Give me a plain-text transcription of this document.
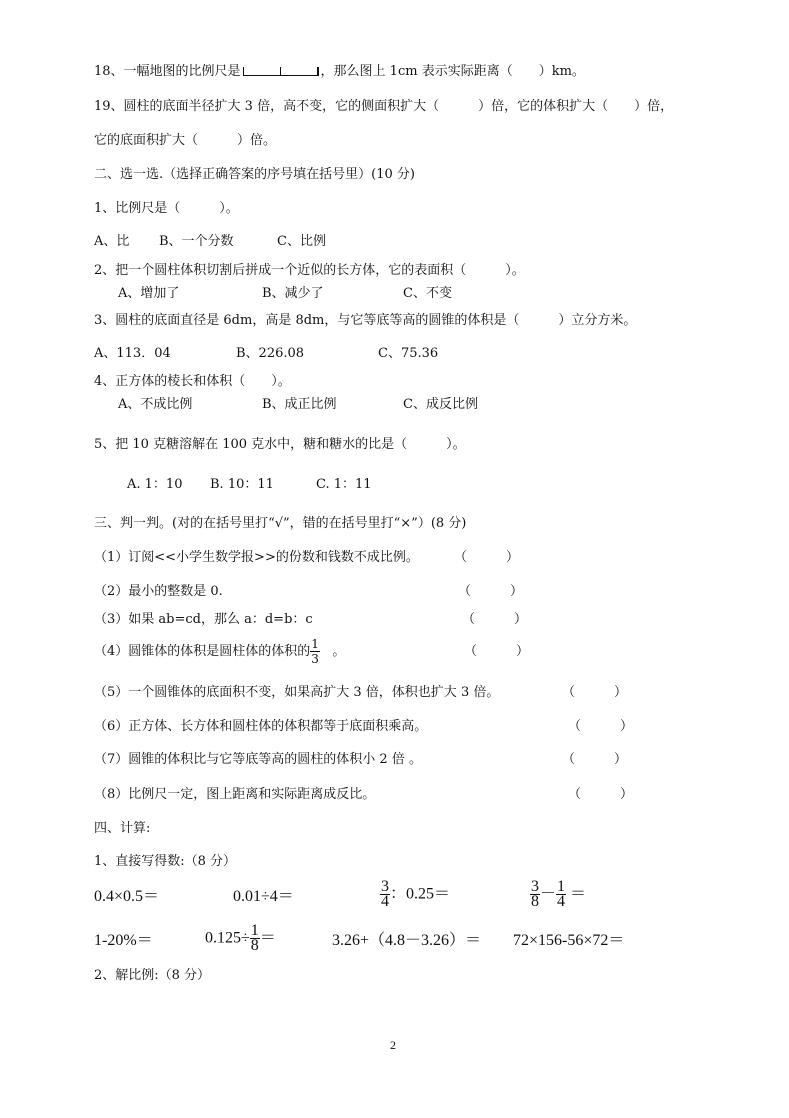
18、一幅地图的比例尺是	，那么图上 1cm 表示实际距离（　　）km。
19、圆柱的底面半径扩大 3 倍，高不变，它的侧面积扩大（　　　）倍，它的体积扩大（　　）倍，
它的底面积扩大（　　　）倍。
二、选一选.（选择正确答案的序号填在括号里）(10 分)
1、比例尺是（　　　）。
A、比 B、一个分数	C、比例
2、把一个圆柱体积切割后拼成一个近似的长方体，它的表面积（　　　）。
A、增加了	B、减少了	C、不变
3、圆柱的底面直径是 6dm，高是 8dm，与它等底等高的圆锥的体积是（　　　）立分方米。
A、113．04	B、226.08	C、75.36
4、正方体的棱长和体积（　　）。
A、不成比例	B、成正比例	C、成反比例
5、把 10 克糖溶解在 100 克水中，糖和糖水的比是（　　　）。
A. 1：10 B. 10：11	C. 1：11
三、判一判。(对的在括号里打“√”，错的在括号里打“×”）(8 分)
（1）订阅<<小学生数学报>>的份数和钱数不成比例。	（　　　）
（2）最小的整数是 0.	（　　　）
（3）如果 ab=cd，那么 a：d=b：c	（　　　）
（4）圆锥体的体积是圆柱体的体积的 $\frac{1}{3}$ 。	（　　　）
（5）一个圆锥体的底面积不变，如果高扩大 3 倍，体积也扩大 3 倍。	（　　　）
（6）正方体、长方体和圆柱体的体积都等于底面积乘高。	（　　　）
（7）圆锥的体积比与它等底等高的圆柱的体积小 2 倍 。	（　　　）
（8）比例尺一定，图上距离和实际距离成反比。	（　　　）
四、计算:
1、直接写得数:（8 分）
0.4×0.5＝	0.01÷4＝	$\frac{3}{4}$ ：0.25＝	$\frac{3}{8} - \frac{1}{4}$ ＝
1-20%＝	$0.125\div \frac{1}{8}$ ＝	3.26+（4.8－3.26）＝ 72×156-56×72＝
2、解比例:（8 分）
2
